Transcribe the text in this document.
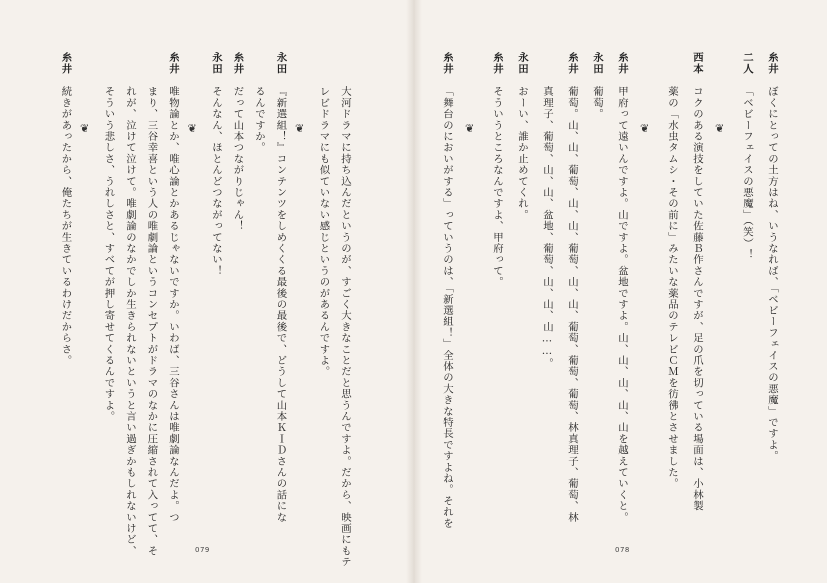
079	078
糸井ぼくにとっての土方はね、いうなれば、「ベビーフェイスの悪魔」ですよ。
二人「ベビーフェイスの悪魔」（笑）！
❦
西本コクのある演技をしていた佐藤Ｂ作さんですが、足の爪を切っている場面は、小林製
薬の「水虫タムシ・その前に」みたいな薬品のテレビＣＭを彷彿とさせました。
❦
糸井甲府って遠いんですよ。山ですよ。盆地ですよ。山、山、山、山、山を越えていくと。
永田葡萄。
糸井葡萄。山、山、葡萄、山、山、葡萄、山、山、葡萄、葡萄、葡萄、林真理子、葡萄、林
真理子、葡萄、山、山、盆地、葡萄、山、山、山……。
永田おーい、誰か止めてくれ。
糸井そういうところなんですよ、甲府って。
❦
糸井「舞台のにおいがする」っていうのは、「新選組！」全体の大きな特長ですよね。それを
大河ドラマに持ち込んだというのが、すごく大きなことだと思うんですよ。だから、映画にもテ
レビドラマにも似ていない感じというのがあるんですよ。
❦
永田『新選組！』コンテンツをしめくくる最後の最後で、どうして山本ＫＩＤさんの話にな
るんですか。
糸井だって山本つながりじゃん！
永田そんなん、ほとんどつながってない！
❦
糸井唯物論とか、唯心論とかあるじゃないですか。いわば、三谷さんは唯劇論なんだよ。つ
まり、三谷幸喜という人の唯劇論というコンセプトがドラマのなかに圧縮されて入ってて、そ
れが、泣けて泣けて。唯劇論のなかでしか生きられないというと言い過ぎかもしれないけど、
そういう悲しさ、うれしさと、すべてが押し寄せてくるんですよ。
❦
糸井続きがあったから、俺たちが生きているわけだからさ。
